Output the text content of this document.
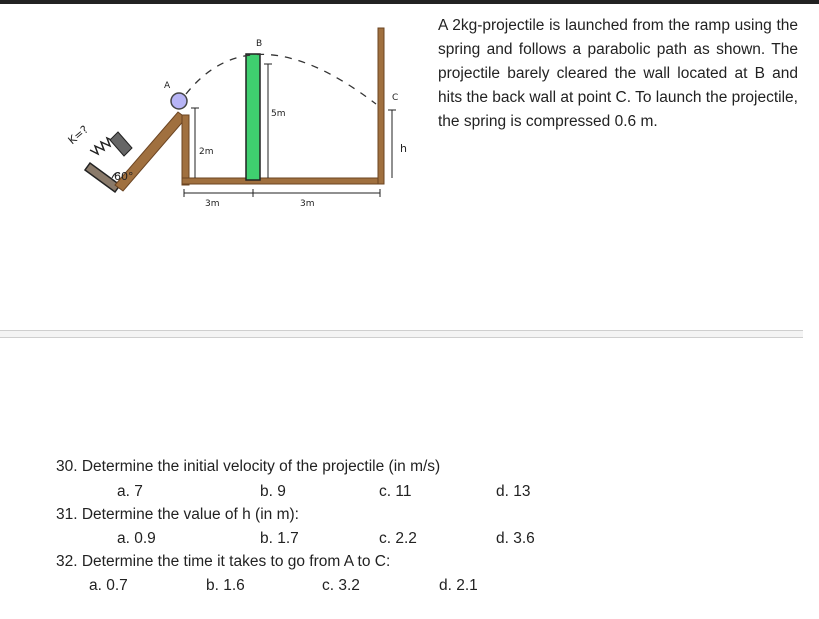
K=?
60°
A
B
C
2m
5m
h
3m	3m
A 2kg-projectile is launched from the ramp using the spring and follows a parabolic path as shown. The projectile barely cleared the wall located at B and hits the back wall at point C. To launch the projectile, the spring is compressed 0.6 m.
30. Determine the initial velocity of the projectile (in m/s)
a. 7	b. 9	c. 11	d. 13
31. Determine the value of h (in m):
a. 0.9	b. 1.7	c. 2.2	d. 3.6
32. Determine the time it takes to go from A to C:
a. 0.7	b. 1.6	c. 3.2	d. 2.1
